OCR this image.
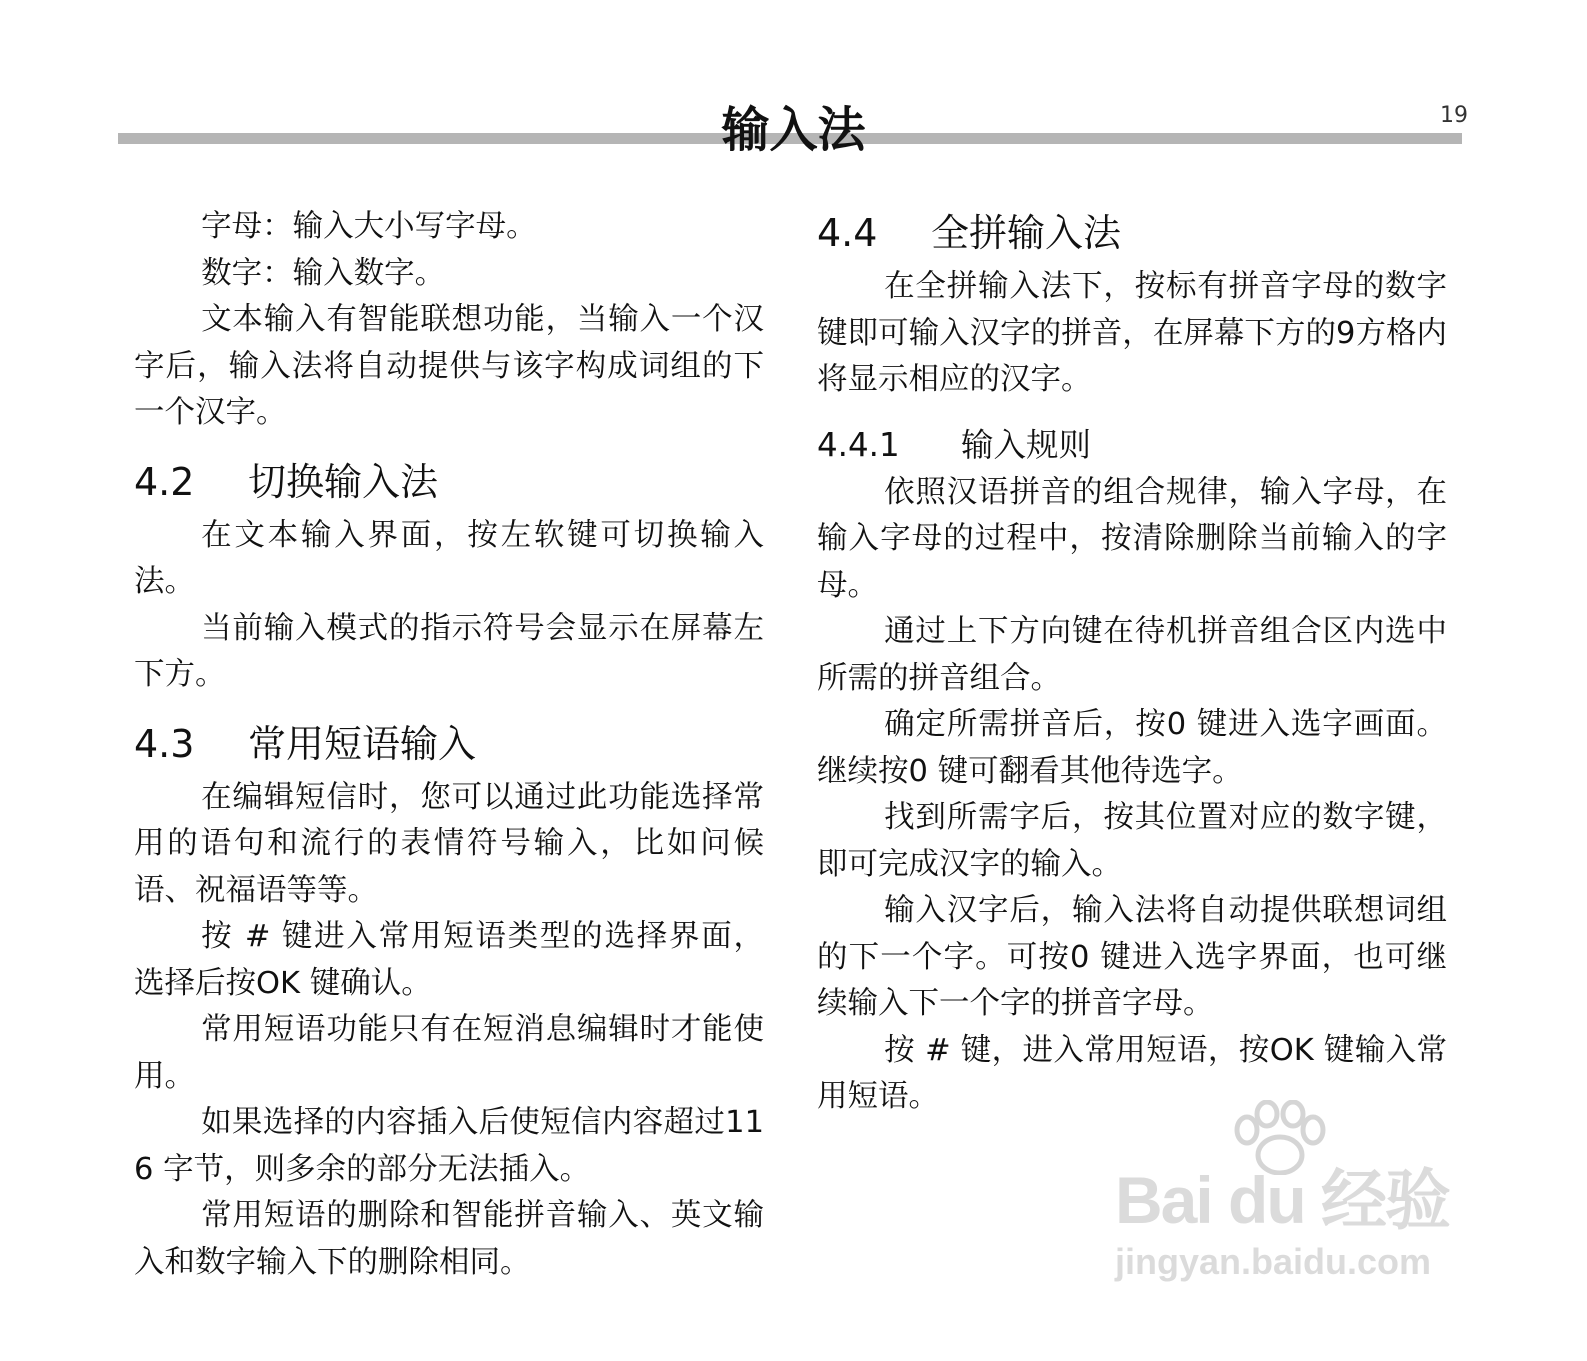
输入法	19

字母：输入大小写字母。

数字：输入数字。

文本输入有智能联想功能，当输入一个汉字后，输入法将自动提供与该字构成词组的下一个汉字。

4.2	切换输入法

在文本输入界面，按左软键可切换输入法。

当前输入模式的指示符号会显示在屏幕左下方。

4.3	常用短语输入

在编辑短信时，您可以通过此功能选择常用的语句和流行的表情符号输入，比如问候语、祝福语等等。

按 # 键进入常用短语类型的选择界面，选择后按OK 键确认。

常用短语功能只有在短消息编辑时才能使用。

如果选择的内容插入后使短信内容超过116 字节，则多余的部分无法插入。

常用短语的删除和智能拼音输入、英文输入和数字输入下的删除相同。

4.4	全拼输入法

在全拼输入法下，按标有拼音字母的数字键即可输入汉字的拼音，在屏幕下方的9方格内将显示相应的汉字。

4.4.1	输入规则

依照汉语拼音的组合规律，输入字母，在输入字母的过程中，按清除删除当前输入的字母。

通过上下方向键在待机拼音组合区内选中所需的拼音组合。

确定所需拼音后，按0 键进入选字画面。继续按0 键可翻看其他待选字。

找到所需字后，按其位置对应的数字键，即可完成汉字的输入。

输入汉字后，输入法将自动提供联想词组的下一个字。可按0 键进入选字界面，也可继续输入下一个字的拼音字母。

按 # 键，进入常用短语，按OK 键输入常用短语。

Bai du 经验
jingyan.baidu.com
